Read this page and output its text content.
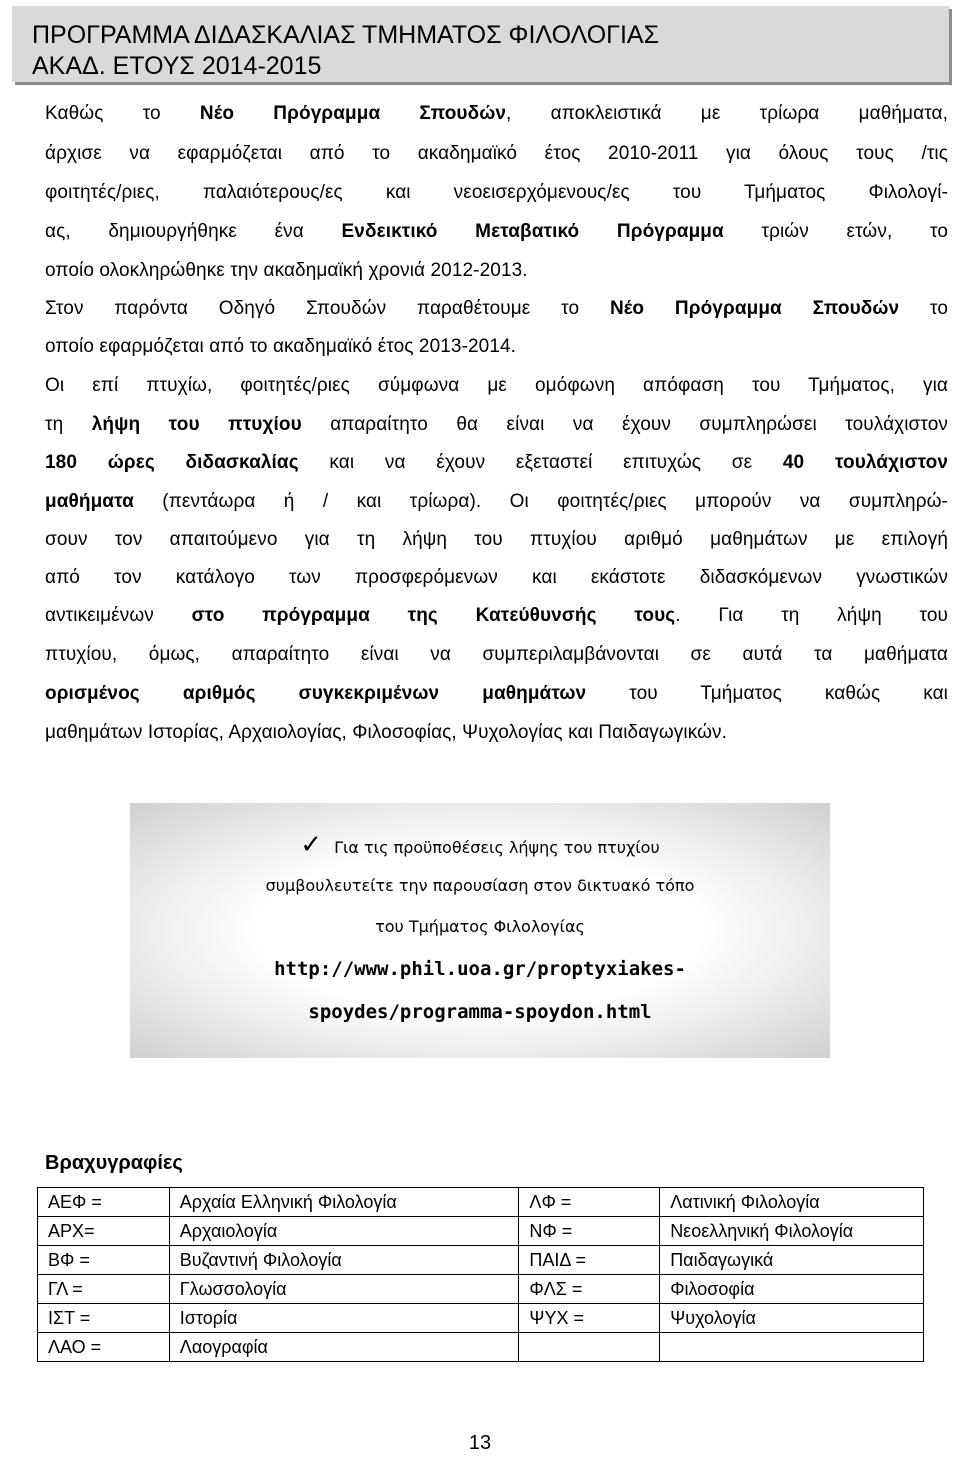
ΠΡΟΓΡΑΜΜΑ ΔΙΔΑΣΚΑΛΙΑΣ ΤΜΗΜΑΤΟΣ ΦΙΛΟΛΟΓΙΑΣ
ΑΚΑΔ. ΕΤΟΥΣ 2014-2015
Καθώς το Νέο Πρόγραμμα Σπουδών, αποκλειστικά με τρίωρα μαθήματα,
άρχισε να εφαρμόζεται από το ακαδημαϊκό έτος 2010-2011 για όλους τους /τις
φοιτητές/ριες, παλαιότερους/ες και νεοεισερχόμενους/ες του Τμήματος Φιλολογί-
ας, δημιουργήθηκε ένα Ενδεικτικό Μεταβατικό Πρόγραμμα τριών ετών, το
οποίο ολοκληρώθηκε την ακαδημαϊκή χρονιά 2012-2013.
Στον παρόντα Οδηγό Σπουδών παραθέτουμε το Νέο Πρόγραμμα Σπουδών το
οποίο εφαρμόζεται από το ακαδημαϊκό έτος 2013-2014.
Οι επί πτυχίω, φοιτητές/ριες σύμφωνα με ομόφωνη απόφαση του Τμήματος, για
τη λήψη του πτυχίου απαραίτητο θα είναι να έχουν συμπληρώσει τουλάχιστον
180 ώρες διδασκαλίας και να έχουν εξεταστεί επιτυχώς σε 40 τουλάχιστον
μαθήματα (πεντάωρα ή / και τρίωρα). Οι φοιτητές/ριες μπορούν να συμπληρώ-
σουν τον απαιτούμενο για τη λήψη του πτυχίου αριθμό μαθημάτων με επιλογή
από τον κατάλογο των προσφερόμενων και εκάστοτε διδασκόμενων γνωστικών
αντικειμένων στο πρόγραμμα της Κατεύθυνσής τους. Για τη λήψη του
πτυχίου, όμως, απαραίτητο είναι να συμπεριλαμβάνονται σε αυτά τα μαθήματα
ορισμένος αριθμός συγκεκριμένων μαθημάτων του Τμήματος καθώς και
μαθημάτων Ιστορίας, Αρχαιολογίας, Φιλοσοφίας, Ψυχολογίας και Παιδαγωγικών.
✓ Για τις προϋποθέσεις λήψης του πτυχίου
συμβουλευτείτε την παρουσίαση στον δικτυακό τόπο
του Τμήματος Φιλολογίας
http://www.phil.uoa.gr/proptyxiakes-
spoydes/programma-spoydon.html
Βραχυγραφίες
ΑΕΦ =	Αρχαία Ελληνική Φιλολογία	ΛΦ =	Λατινική Φιλολογία
ΑΡΧ=	Αρχαιολογία	ΝΦ =	Νεοελληνική Φιλολογία
ΒΦ =	Βυζαντινή Φιλολογία	ΠΑΙΔ =	Παιδαγωγικά
ΓΛ =	Γλωσσολογία	ΦΛΣ =	Φιλοσοφία
ΙΣΤ =	Ιστορία	ΨΥΧ =	Ψυχολογία
ΛΑΟ =	Λαογραφία		
13
